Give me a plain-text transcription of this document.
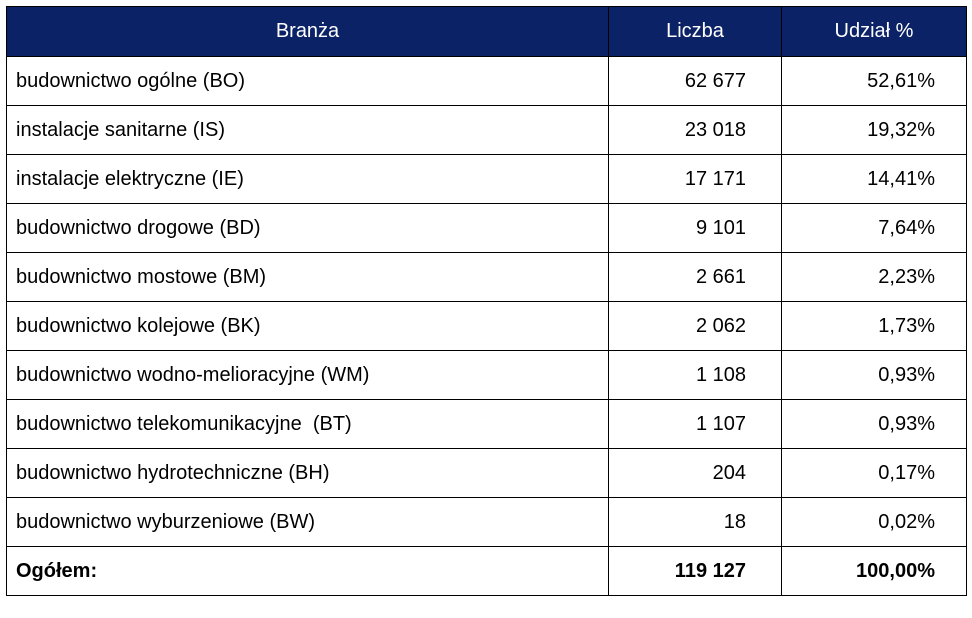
Branża	Liczba	Udział %
budownictwo ogólne (BO)	62 677	52,61%
instalacje sanitarne (IS)	23 018	19,32%
instalacje elektryczne (IE)	17 171	14,41%
budownictwo drogowe (BD)	9 101	7,64%
budownictwo mostowe (BM)	2 661	2,23%
budownictwo kolejowe (BK)	2 062	1,73%
budownictwo wodno-melioracyjne (WM)	1 108	0,93%
budownictwo telekomunikacyjne  (BT)	1 107	0,93%
budownictwo hydrotechniczne (BH)	204	0,17%
budownictwo wyburzeniowe (BW)	18	0,02%
Ogółem:	119 127	100,00%
